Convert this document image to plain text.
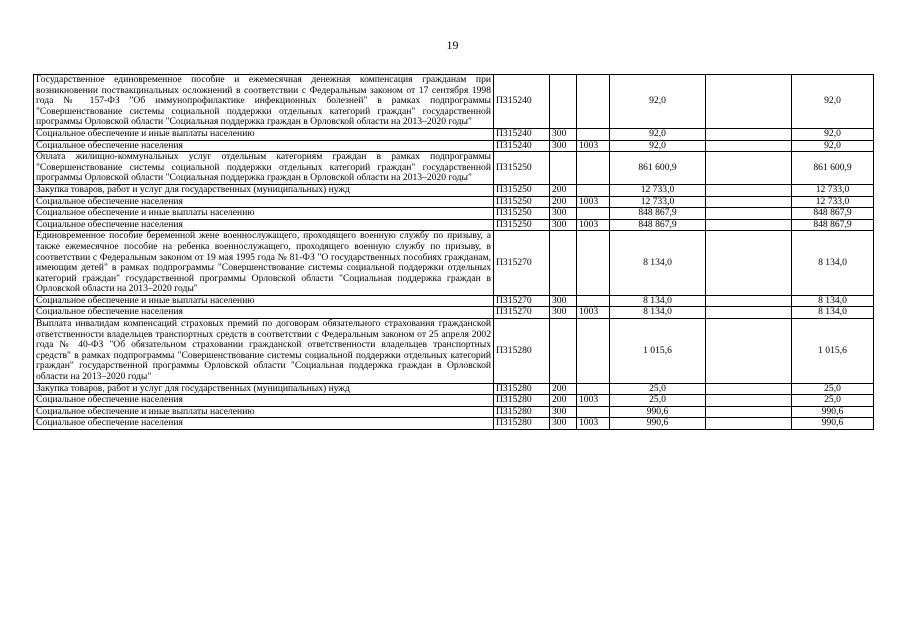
19
Государственное единовременное пособие и ежемесячная денежная компенсация гражданам при возникновении поствакцинальных осложнений в соответствии с Федеральным законом от 17 сентября 1998 года № 157-ФЗ "Об иммунопрофилактике инфекционных болезней" в рамках подпрограммы "Совершенствование системы социальной поддержки отдельных категорий граждан" государственной программы Орловской области "Социальная поддержка граждан в Орловской области на 2013–2020 годы"	П315240			92,0		92,0
Социальное обеспечение и иные выплаты населению	П315240	300		92,0		92,0
Социальное обеспечение населения	П315240	300	1003	92,0		92,0
Оплата жилищно-коммунальных услуг отдельным категориям граждан в рамках подпрограммы "Совершенствование системы социальной поддержки отдельных категорий граждан" государственной программы Орловской области "Социальная поддержка граждан в Орловской области на 2013–2020 годы"	П315250			861 600,9		861 600,9
Закупка товаров, работ и услуг для государственных (муниципальных) нужд	П315250	200		12 733,0		12 733,0
Социальное обеспечение населения	П315250	200	1003	12 733,0		12 733,0
Социальное обеспечение и иные выплаты населению	П315250	300		848 867,9		848 867,9
Социальное обеспечение населения	П315250	300	1003	848 867,9		848 867,9
Единовременное пособие беременной жене военнослужащего, проходящего военную службу по призыву, а также ежемесячное пособие на ребенка военнослужащего, проходящего военную службу по призыву, в соответствии с Федеральным законом от 19 мая 1995 года № 81-ФЗ "О государственных пособиях гражданам, имеющим детей" в рамках подпрограммы "Совершенствование системы социальной поддержки отдельных категорий граждан" государственной программы Орловской области "Социальная поддержка граждан в Орловской области на 2013–2020 годы"	П315270			8 134,0		8 134,0
Социальное обеспечение и иные выплаты населению	П315270	300		8 134,0		8 134,0
Социальное обеспечение населения	П315270	300	1003	8 134,0		8 134,0
Выплата инвалидам компенсаций страховых премий по договорам обязательного страхования гражданской ответственности владельцев транспортных средств в соответствии с Федеральным законом от 25 апреля 2002 года № 40-ФЗ "Об обязательном страховании гражданской ответственности владельцев транспортных средств" в рамках подпрограммы "Совершенствование системы социальной поддержки отдельных категорий граждан" государственной программы Орловской области "Социальная поддержка граждан в Орловской области на 2013–2020 годы"	П315280			1 015,6		1 015,6
Закупка товаров, работ и услуг для государственных (муниципальных) нужд	П315280	200		25,0		25,0
Социальное обеспечение населения	П315280	200	1003	25,0		25,0
Социальное обеспечение и иные выплаты населению	П315280	300		990,6		990,6
Социальное обеспечение населения	П315280	300	1003	990,6		990,6
